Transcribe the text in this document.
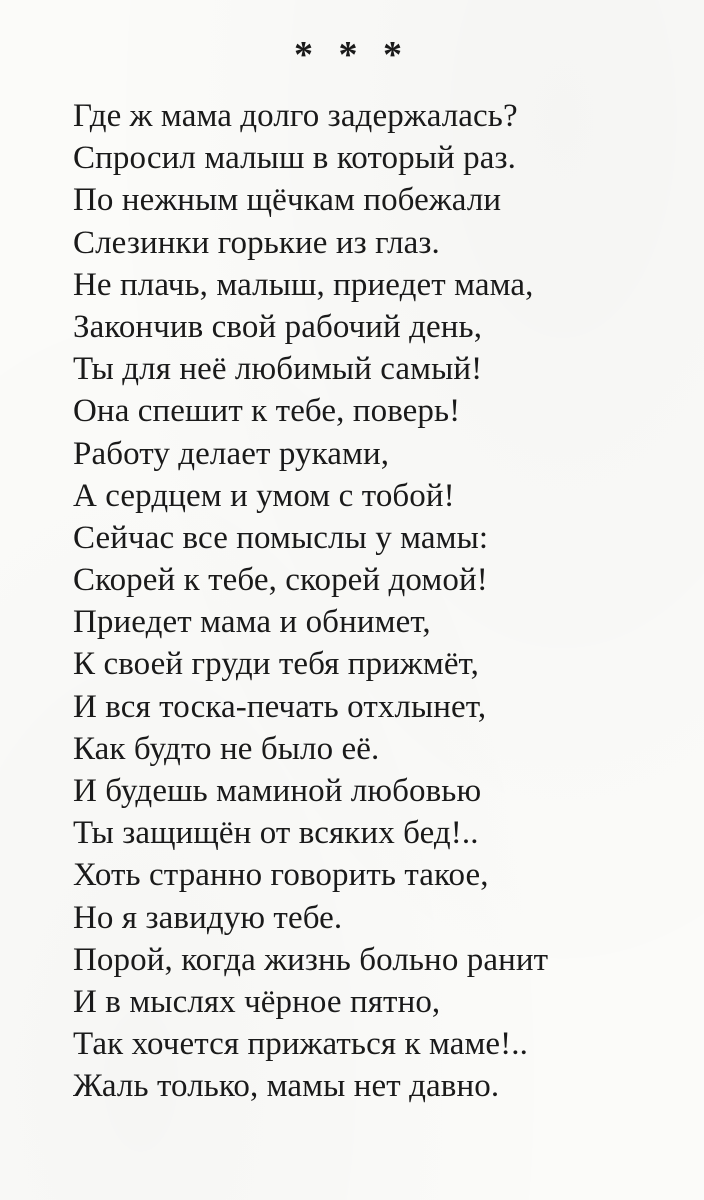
* * *
Где ж мама долго задержалась?
Спросил малыш в который раз.
По нежным щёчкам побежали
Слезинки горькие из глаз.
Не плачь, малыш, приедет мама,
Закончив свой рабочий день,
Ты для неё любимый самый!
Она спешит к тебе, поверь!
Работу делает руками,
А сердцем и умом с тобой!
Сейчас все помыслы у мамы:
Скорей к тебе, скорей домой!
Приедет мама и обнимет,
К своей груди тебя прижмёт,
И вся тоска-печать отхлынет,
Как будто не было её.
И будешь маминой любовью
Ты защищён от всяких бед!..
Хоть странно говорить такое,
Но я завидую тебе.
Порой, когда жизнь больно ранит
И в мыслях чёрное пятно,
Так хочется прижаться к маме!..
Жаль только, мамы нет давно.
